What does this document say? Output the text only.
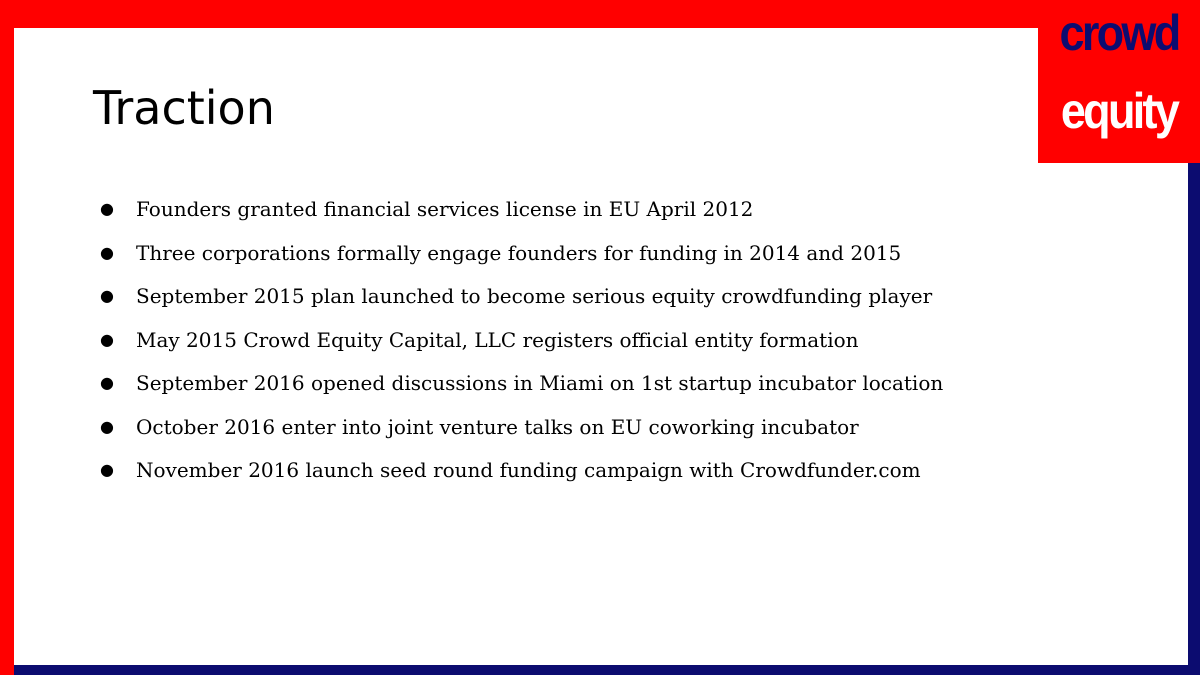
crowd
equity
Traction
●	Founders granted financial services license in EU April 2012
●	Three corporations formally engage founders for funding in 2014 and 2015
●	September 2015 plan launched to become serious equity crowdfunding player
●	May 2015 Crowd Equity Capital, LLC registers official entity formation
●	September 2016 opened discussions in Miami on 1st startup incubator location
●	October 2016 enter into joint venture talks on EU coworking incubator
●	November 2016 launch seed round funding campaign with Crowdfunder.com
